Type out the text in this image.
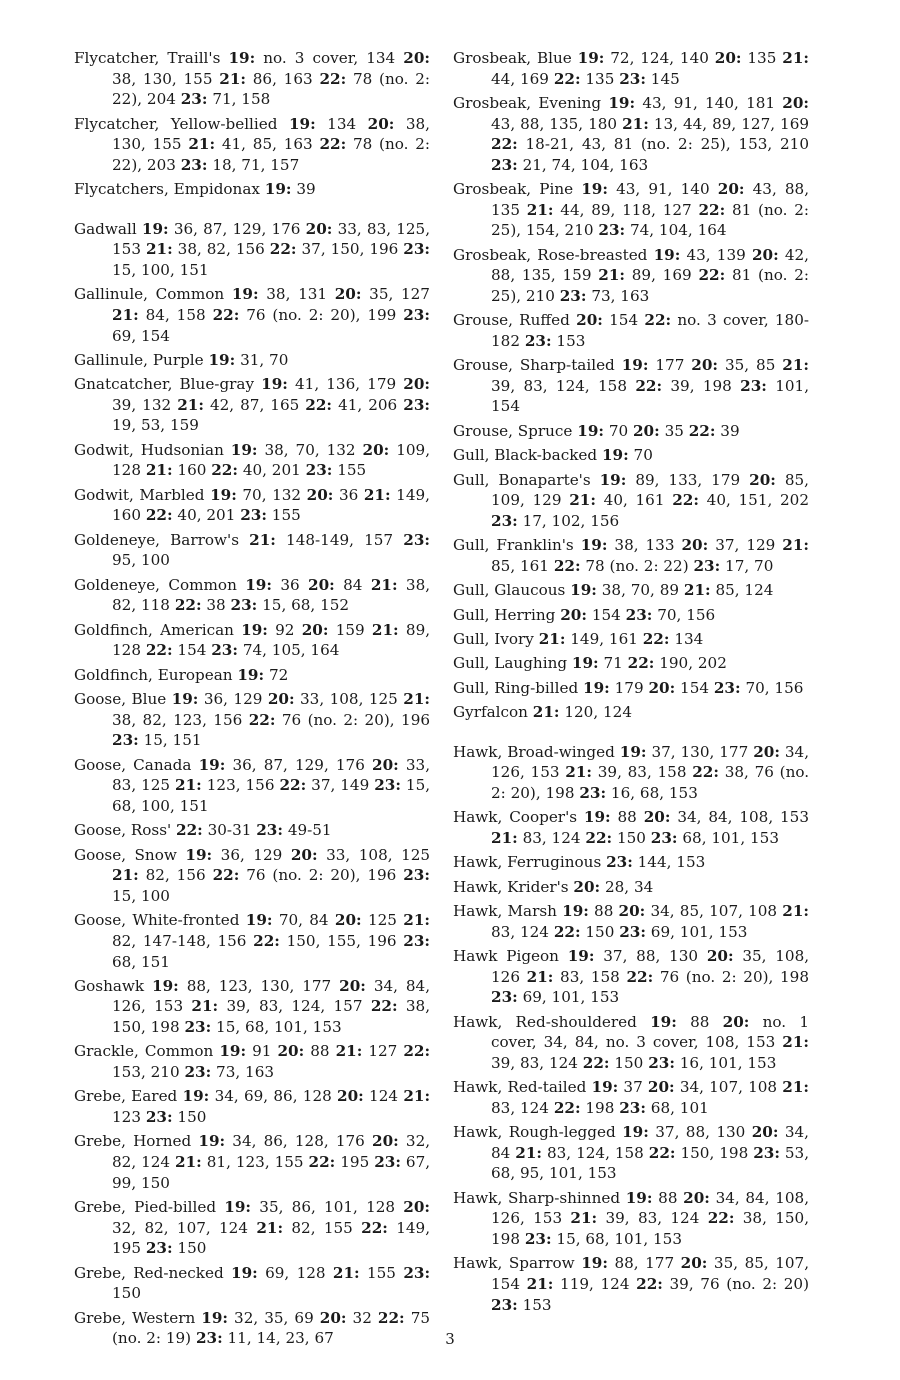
Flycatcher, Traill's 19: no. 3 cover, 134 20: 38, 130, 155 21: 86, 163 22: 78 (no. 2: 22), 204 23: 71, 158

Flycatcher, Yellow-bellied 19: 134 20: 38, 130, 155 21: 41, 85, 163 22: 78 (no. 2: 22), 203 23: 18, 71, 157

Flycatchers, Empidonax 19: 39

Gadwall 19: 36, 87, 129, 176 20: 33, 83, 125, 153 21: 38, 82, 156 22: 37, 150, 196 23: 15, 100, 151

Gallinule, Common 19: 38, 131 20: 35, 127 21: 84, 158 22: 76 (no. 2: 20), 199 23: 69, 154

Gallinule, Purple 19: 31, 70

Gnatcatcher, Blue-gray 19: 41, 136, 179 20: 39, 132 21: 42, 87, 165 22: 41, 206 23: 19, 53, 159

Godwit, Hudsonian 19: 38, 70, 132 20: 109, 128 21: 160 22: 40, 201 23: 155

Godwit, Marbled 19: 70, 132 20: 36 21: 149, 160 22: 40, 201 23: 155

Goldeneye, Barrow's 21: 148-149, 157 23: 95, 100

Goldeneye, Common 19: 36 20: 84 21: 38, 82, 118 22: 38 23: 15, 68, 152

Goldfinch, American 19: 92 20: 159 21: 89, 128 22: 154 23: 74, 105, 164

Goldfinch, European 19: 72

Goose, Blue 19: 36, 129 20: 33, 108, 125 21: 38, 82, 123, 156 22: 76 (no. 2: 20), 196 23: 15, 151

Goose, Canada 19: 36, 87, 129, 176 20: 33, 83, 125 21: 123, 156 22: 37, 149 23: 15, 68, 100, 151

Goose, Ross' 22: 30-31 23: 49-51

Goose, Snow 19: 36, 129 20: 33, 108, 125 21: 82, 156 22: 76 (no. 2: 20), 196 23: 15, 100

Goose, White-fronted 19: 70, 84 20: 125 21: 82, 147-148, 156 22: 150, 155, 196 23: 68, 151

Goshawk 19: 88, 123, 130, 177 20: 34, 84, 126, 153 21: 39, 83, 124, 157 22: 38, 150, 198 23: 15, 68, 101, 153

Grackle, Common 19: 91 20: 88 21: 127 22: 153, 210 23: 73, 163

Grebe, Eared 19: 34, 69, 86, 128 20: 124 21: 123 23: 150

Grebe, Horned 19: 34, 86, 128, 176 20: 32, 82, 124 21: 81, 123, 155 22: 195 23: 67, 99, 150

Grebe, Pied-billed 19: 35, 86, 101, 128 20: 32, 82, 107, 124 21: 82, 155 22: 149, 195 23: 150

Grebe, Red-necked 19: 69, 128 21: 155 23: 150

Grebe, Western 19: 32, 35, 69 20: 32 22: 75 (no. 2: 19) 23: 11, 14, 23, 67

Grosbeak, Blue 19: 72, 124, 140 20: 135 21: 44, 169 22: 135 23: 145

Grosbeak, Evening 19: 43, 91, 140, 181 20: 43, 88, 135, 180 21: 13, 44, 89, 127, 169 22: 18-21, 43, 81 (no. 2: 25), 153, 210 23: 21, 74, 104, 163

Grosbeak, Pine 19: 43, 91, 140 20: 43, 88, 135 21: 44, 89, 118, 127 22: 81 (no. 2: 25), 154, 210 23: 74, 104, 164

Grosbeak, Rose-breasted 19: 43, 139 20: 42, 88, 135, 159 21: 89, 169 22: 81 (no. 2: 25), 210 23: 73, 163

Grouse, Ruffed 20: 154 22: no. 3 cover, 180-182 23: 153

Grouse, Sharp-tailed 19: 177 20: 35, 85 21: 39, 83, 124, 158 22: 39, 198 23: 101, 154

Grouse, Spruce 19: 70 20: 35 22: 39

Gull, Black-backed 19: 70

Gull, Bonaparte's 19: 89, 133, 179 20: 85, 109, 129 21: 40, 161 22: 40, 151, 202 23: 17, 102, 156

Gull, Franklin's 19: 38, 133 20: 37, 129 21: 85, 161 22: 78 (no. 2: 22) 23: 17, 70

Gull, Glaucous 19: 38, 70, 89 21: 85, 124

Gull, Herring 20: 154 23: 70, 156

Gull, Ivory 21: 149, 161 22: 134

Gull, Laughing 19: 71 22: 190, 202

Gull, Ring-billed 19: 179 20: 154 23: 70, 156

Gyrfalcon 21: 120, 124

Hawk, Broad-winged 19: 37, 130, 177 20: 34, 126, 153 21: 39, 83, 158 22: 38, 76 (no. 2: 20), 198 23: 16, 68, 153

Hawk, Cooper's 19: 88 20: 34, 84, 108, 153 21: 83, 124 22: 150 23: 68, 101, 153

Hawk, Ferruginous 23: 144, 153

Hawk, Krider's 20: 28, 34

Hawk, Marsh 19: 88 20: 34, 85, 107, 108 21: 83, 124 22: 150 23: 69, 101, 153

Hawk Pigeon 19: 37, 88, 130 20: 35, 108, 126 21: 83, 158 22: 76 (no. 2: 20), 198 23: 69, 101, 153

Hawk, Red-shouldered 19: 88 20: no. 1 cover, 34, 84, no. 3 cover, 108, 153 21: 39, 83, 124 22: 150 23: 16, 101, 153

Hawk, Red-tailed 19: 37 20: 34, 107, 108 21: 83, 124 22: 198 23: 68, 101

Hawk, Rough-legged 19: 37, 88, 130 20: 34, 84 21: 83, 124, 158 22: 150, 198 23: 53, 68, 95, 101, 153

Hawk, Sharp-shinned 19: 88 20: 34, 84, 108, 126, 153 21: 39, 83, 124 22: 38, 150, 198 23: 15, 68, 101, 153

Hawk, Sparrow 19: 88, 177 20: 35, 85, 107, 154 21: 119, 124 22: 39, 76 (no. 2: 20) 23: 153

3
